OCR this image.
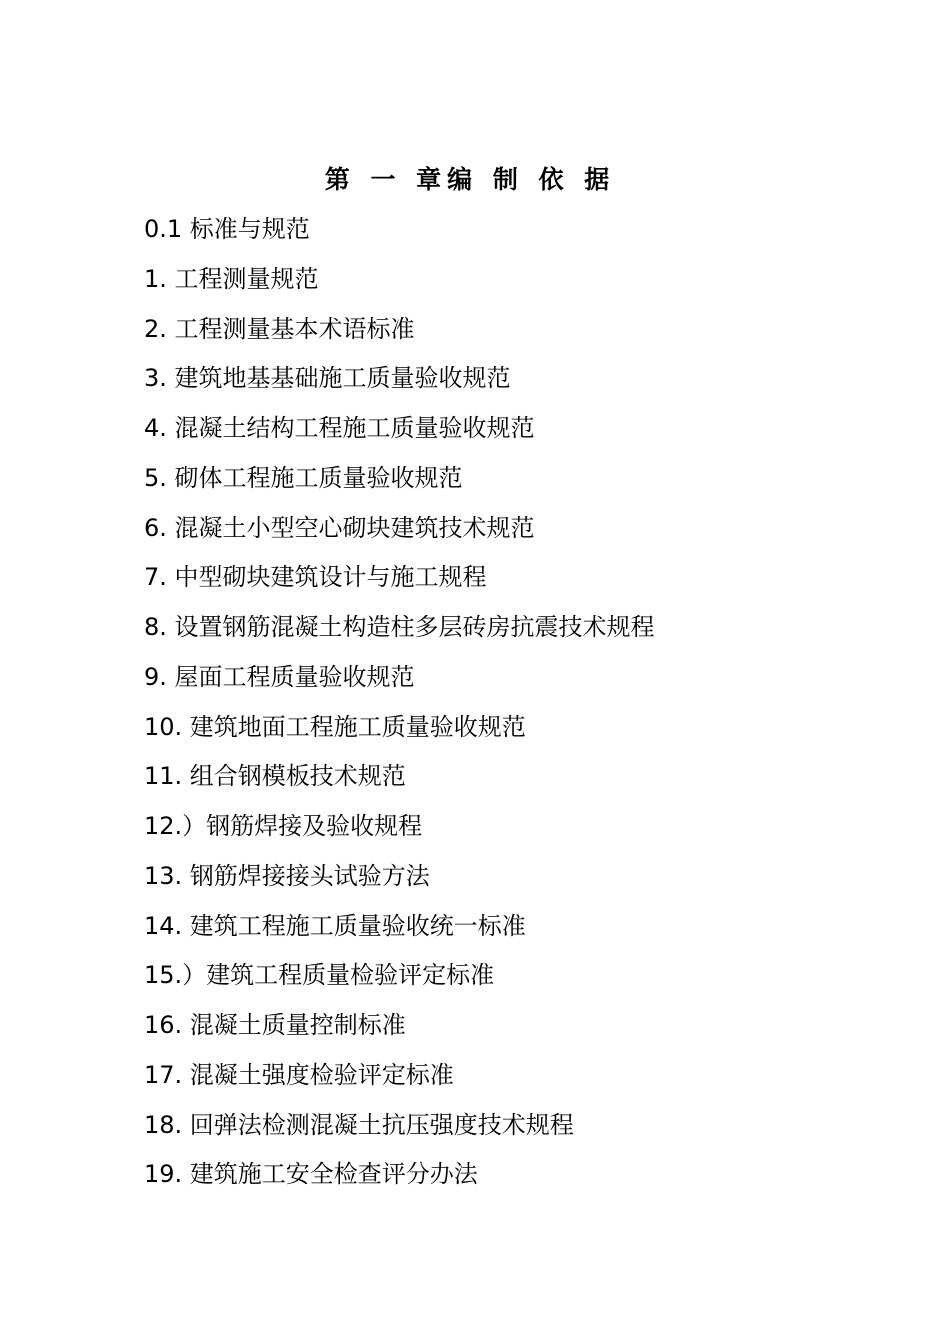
第 一 章编 制 依 据
0.1 标准与规范
1. 工程测量规范
2. 工程测量基本术语标准
3. 建筑地基基础施工质量验收规范
4. 混凝土结构工程施工质量验收规范
5. 砌体工程施工质量验收规范
6. 混凝土小型空心砌块建筑技术规范
7. 中型砌块建筑设计与施工规程
8. 设置钢筋混凝土构造柱多层砖房抗震技术规程
9. 屋面工程质量验收规范
10. 建筑地面工程施工质量验收规范
11. 组合钢模板技术规范
12.）钢筋焊接及验收规程
13. 钢筋焊接接头试验方法
14. 建筑工程施工质量验收统一标准
15.）建筑工程质量检验评定标准
16. 混凝土质量控制标准
17. 混凝土强度检验评定标准
18. 回弹法检测混凝土抗压强度技术规程
19. 建筑施工安全检查评分办法
